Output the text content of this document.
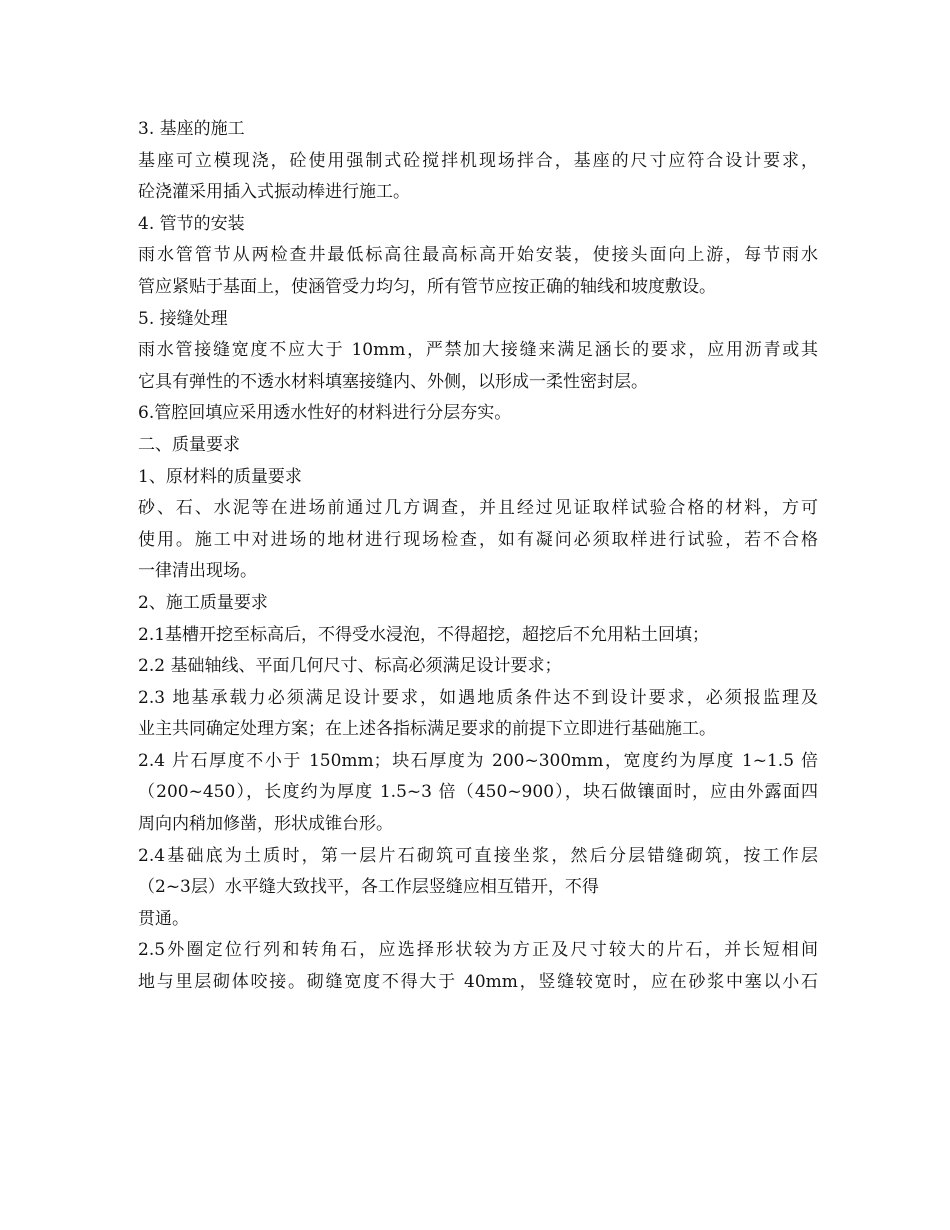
3. 基座的施工
基座可立模现浇，砼使用强制式砼搅拌机现场拌合，基座的尺寸应符合设计要求，
砼浇灌采用插入式振动棒进行施工。
4. 管节的安装
雨水管管节从两检查井最低标高往最高标高开始安装，使接头面向上游，每节雨水
管应紧贴于基面上，使涵管受力均匀，所有管节应按正确的轴线和坡度敷设。
5. 接缝处理
雨水管接缝宽度不应大于 10mm，严禁加大接缝来满足涵长的要求，应用沥青或其
它具有弹性的不透水材料填塞接缝内、外侧，以形成一柔性密封层。
6.管腔回填应采用透水性好的材料进行分层夯实。
二、质量要求
1、原材料的质量要求
砂、石、水泥等在进场前通过几方调查，并且经过见证取样试验合格的材料，方可
使用。施工中对进场的地材进行现场检查，如有凝问必须取样进行试验，若不合格
一律清出现场。
2、施工质量要求
2.1基槽开挖至标高后，不得受水浸泡，不得超挖，超挖后不允用粘土回填；
2.2 基础轴线、平面几何尺寸、标高必须满足设计要求；
2.3 地基承载力必须满足设计要求，如遇地质条件达不到设计要求，必须报监理及
业主共同确定处理方案；在上述各指标满足要求的前提下立即进行基础施工。
2.4 片石厚度不小于 150mm；块石厚度为 200~300mm，宽度约为厚度 1~1.5 倍
（200~450），长度约为厚度 1.5~3 倍（450~900），块石做镶面时，应由外露面四
周向内稍加修凿，形状成锥台形。
2.4基础底为土质时，第一层片石砌筑可直接坐浆，然后分层错缝砌筑，按工作层
（2~3层）水平缝大致找平，各工作层竖缝应相互错开，不得
贯通。
2.5外圈定位行列和转角石，应选择形状较为方正及尺寸较大的片石，并长短相间
地与里层砌体咬接。砌缝宽度不得大于 40mm，竖缝较宽时，应在砂浆中塞以小石
